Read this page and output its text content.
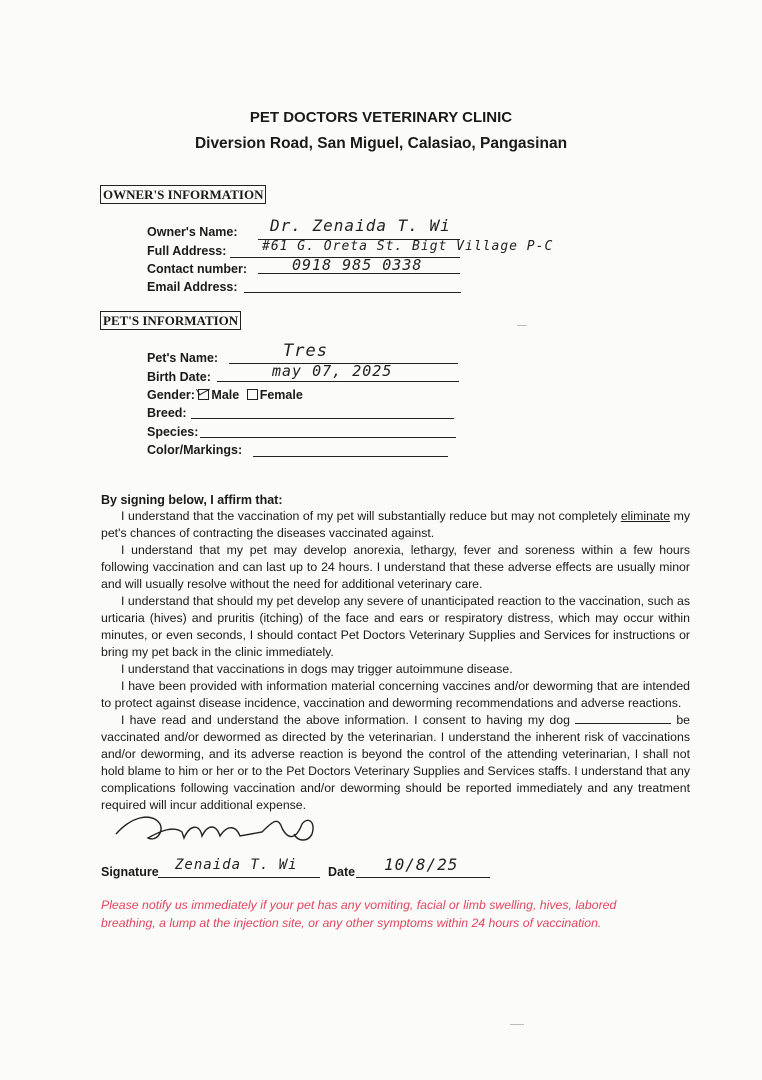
PET DOCTORS VETERINARY CLINIC
Diversion Road, San Miguel, Calasiao, Pangasinan
OWNER'S INFORMATION
Owner's Name: Dr. Zenaida T. Wi
Full Address:	#61 G. Oreta St. Bigt Village P-C
Contact number:	0918 985 0338
Email Address:
PET'S INFORMATION
Pet's Name:	Tres
Birth Date:	may 07, 2025
Gender: Male Female
Breed:
Species:
Color/Markings:
By signing below, I affirm that:

I understand that the vaccination of my pet will substantially reduce but may not completely eliminate my pet's chances of contracting the diseases vaccinated against.

I understand that my pet may develop anorexia, lethargy, fever and soreness within a few hours following vaccination and can last up to 24 hours. I understand that these adverse effects are usually minor and will usually resolve without the need for additional veterinary care.

I understand that should my pet develop any severe of unanticipated reaction to the vaccination, such as urticaria (hives) and pruritis (itching) of the face and ears or respiratory distress, which may occur within minutes, or even seconds, I should contact Pet Doctors Veterinary Supplies and Services for instructions or bring my pet back in the clinic immediately.

I understand that vaccinations in dogs may trigger autoimmune disease.

I have been provided with information material concerning vaccines and/or deworming that are intended to protect against disease incidence, vaccination and deworming recommendations and adverse reactions.

I have read and understand the above information. I consent to having my dog	be vaccinated and/or dewormed as directed by the veterinarian. I understand the inherent risk of vaccinations and/or deworming, and its adverse reaction is beyond the control of the attending veterinarian, I shall not hold blame to him or her or to the Pet Doctors Veterinary Supplies and Services staffs. I understand that any complications following vaccination and/or deworming should be reported immediately and any treatment required will incur additional expense.

Signature Zenaida T. Wi Date 10/8/25
Please notify us immediately if your pet has any vomiting, facial or limb swelling, hives, labored breathing, a lump at the injection site, or any other symptoms within 24 hours of vaccination.
